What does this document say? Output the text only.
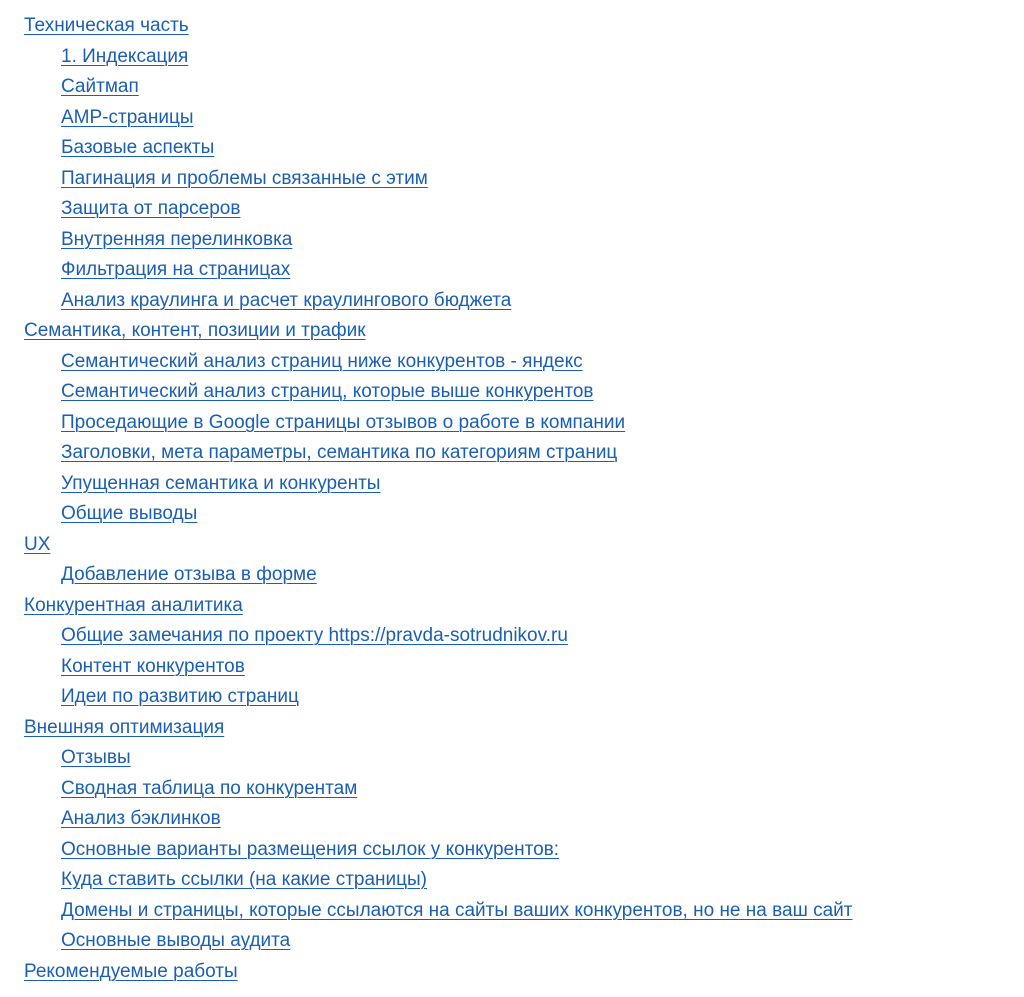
Техническая часть
1. Индексация
Сайтмап
AMP-страницы
Базовые аспекты
Пагинация и проблемы связанные с этим
Защита от парсеров
Внутренняя перелинковка
Фильтрация на страницах
Анализ краулинга и расчет краулингового бюджета
Семантика, контент, позиции и трафик
Семантический анализ страниц ниже конкурентов - яндекс
Семантический анализ страниц, которые выше конкурентов
Проседающие в Google страницы отзывов о работе в компании
Заголовки, мета параметры, семантика по категориям страниц
Упущенная семантика и конкуренты
Общие выводы
UX
Добавление отзыва в форме
Конкурентная аналитика
Общие замечания по проекту https://pravda-sotrudnikov.ru
Контент конкурентов
Идеи по развитию страниц
Внешняя оптимизация
Отзывы
Сводная таблица по конкурентам
Анализ бэклинков
Основные варианты размещения ссылок у конкурентов:
Куда ставить ссылки (на какие страницы)
Домены и страницы, которые ссылаются на сайты ваших конкурентов, но не на ваш сайт
Основные выводы аудита
Рекомендуемые работы
